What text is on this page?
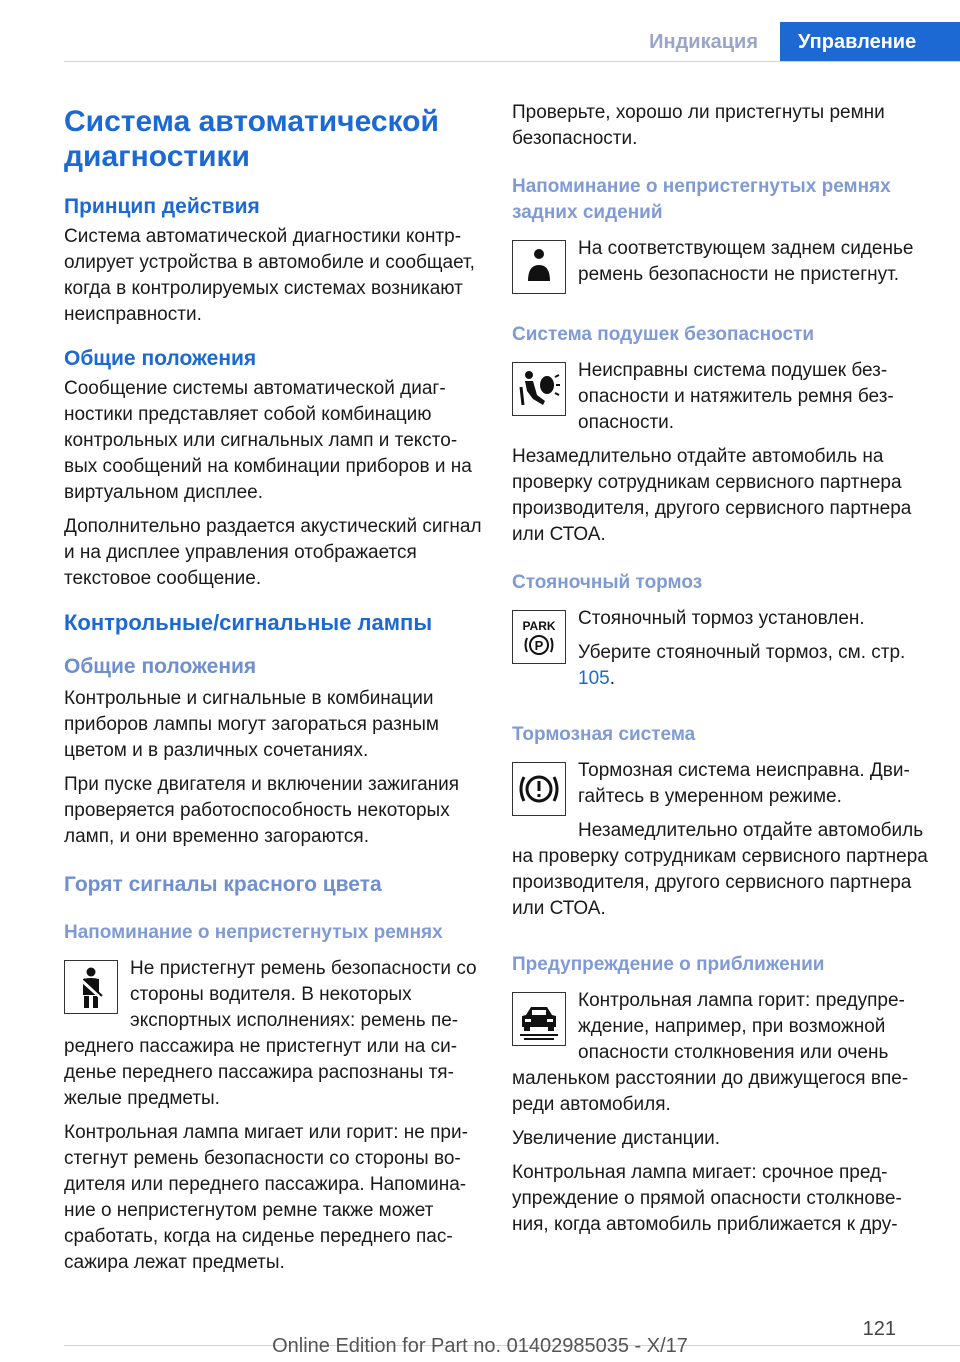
Индикация	Управление
Система автоматической диагностики
Принцип действия

Система автоматической диагностики контролирует устройства в автомобиле и сообщает, когда в контролируемых системах возникают неисправности.

Общие положения

Сообщение системы автоматической диагностики представляет собой комбинацию контрольных или сигнальных ламп и текстовых сообщений на комбинации приборов и на виртуальном дисплее.

Дополнительно раздается акустический сигнал и на дисплее управления отображается текстовое сообщение.

Контрольные/сигнальные лампы
Общие положения

Контрольные и сигнальные в комбинации приборов лампы могут загораться разным цветом и в различных сочетаниях.

При пуске двигателя и включении зажигания проверяется работоспособность некоторых ламп, и они временно загораются.

Горят сигналы красного цвета
Напоминание о непристегнутых ремнях

Не пристегнут ремень безопасности со стороны водителя. В некоторых экспортных исполнениях: ремень переднего пассажира не пристегнут или на сиденье переднего пассажира распознаны тяжелые предметы.

Контрольная лампа мигает или горит: не пристегнут ремень безопасности со стороны водителя или переднего пассажира. Напоминание о непристегнутом ремне также может сработать, когда на сиденье переднего пассажира лежат предметы.

Проверьте, хорошо ли пристегнуты ремни безопасности.

Напоминание о непристегнутых ремнях задних сидений

На соответствующем заднем сиденье ремень безопасности не пристегнут.

Система подушек безопасности

Неисправны система подушек безопасности и натяжитель ремня безопасности.

Незамедлительно отдайте автомобиль на проверку сотрудникам сервисного партнера производителя, другого сервисного партнера или СТОА.

Стояночный тормоз
PARK
P

Стояночный тормоз установлен.

Уберите стояночный тормоз, см. стр. 105.

Тормозная система

Тормозная система неисправна. Двигайтесь в умеренном режиме.

Незамедлительно отдайте автомобиль на проверку сотрудникам сервисного партнера производителя, другого сервисного партнера или СТОА.

Предупреждение о приближении

Контрольная лампа горит: предупреждение, например, при возможной опасности столкновения или очень маленьком расстоянии до движущегося впереди автомобиля.

Увеличение дистанции.

Контрольная лампа мигает: срочное предупреждение о прямой опасности столкновения, когда автомобиль приближается к дру-

121
Online Edition for Part no. 01402985035 - X/17
